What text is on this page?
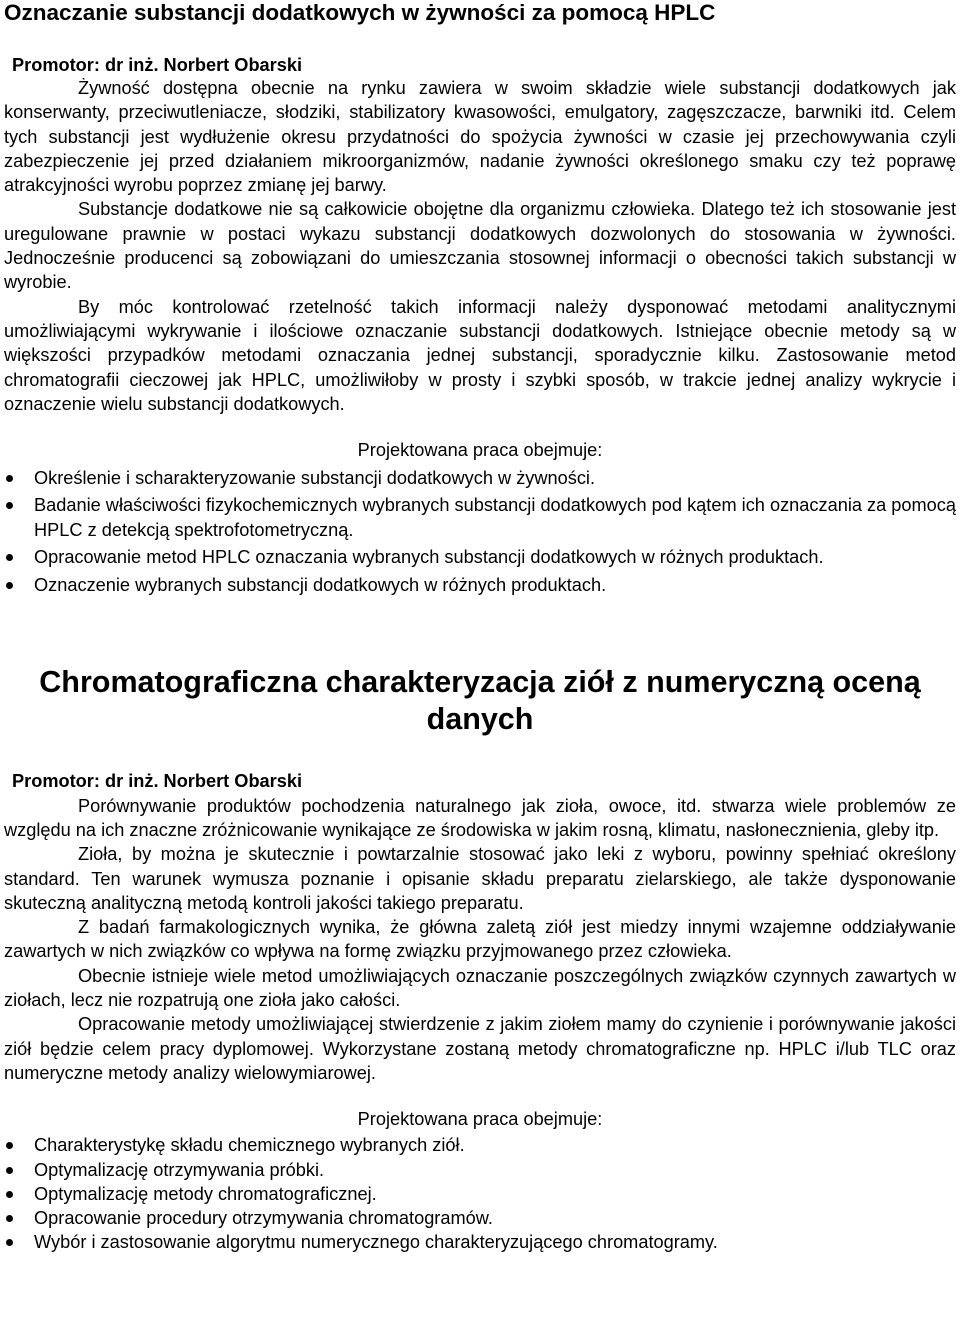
Oznaczanie substancji dodatkowych w żywności za pomocą HPLC
Promotor: dr inż. Norbert Obarski

Żywność dostępna obecnie na rynku zawiera w swoim składzie wiele substancji dodatkowych jak konserwanty, przeciwutleniacze, słodziki, stabilizatory kwasowości, emulgatory, zagęszczacze, barwniki itd. Celem tych substancji jest wydłużenie okresu przydatności do spożycia żywności w czasie jej przechowywania czyli zabezpieczenie jej przed działaniem mikroorganizmów, nadanie żywności określonego smaku czy też poprawę atrakcyjności wyrobu poprzez zmianę jej barwy.

Substancje dodatkowe nie są całkowicie obojętne dla organizmu człowieka. Dlatego też ich stosowanie jest uregulowane prawnie w postaci wykazu substancji dodatkowych dozwolonych do stosowania w żywności. Jednocześnie producenci są zobowiązani do umieszczania stosownej informacji o obecności takich substancji w wyrobie.

By móc kontrolować rzetelność takich informacji należy dysponować metodami analitycznymi umożliwiającymi wykrywanie i ilościowe oznaczanie substancji dodatkowych. Istniejące obecnie metody są w większości przypadków metodami oznaczania jednej substancji, sporadycznie kilku. Zastosowanie metod chromatografii cieczowej jak HPLC, umożliwiłoby w prosty i szybki sposób, w trakcie jednej analizy wykrycie i oznaczenie wielu substancji dodatkowych.

Projektowana praca obejmuje:

Określenie i scharakteryzowanie substancji dodatkowych w żywności.
Badanie właściwości fizykochemicznych wybranych substancji dodatkowych pod kątem ich oznaczania za pomocą HPLC z detekcją spektrofotometryczną.
Opracowanie metod HPLC oznaczania wybranych substancji dodatkowych w różnych produktach.
Oznaczenie wybranych substancji dodatkowych w różnych produktach.
Chromatograficzna charakteryzacja ziół z numeryczną oceną
danych
Promotor: dr inż. Norbert Obarski

Porównywanie produktów pochodzenia naturalnego jak zioła, owoce, itd. stwarza wiele problemów ze względu na ich znaczne zróżnicowanie wynikające ze środowiska w jakim rosną, klimatu, nasłonecznienia, gleby itp.

Zioła, by można je skutecznie i powtarzalnie stosować jako leki z wyboru, powinny spełniać określony standard. Ten warunek wymusza poznanie i opisanie składu preparatu zielarskiego, ale także dysponowanie skuteczną analityczną metodą kontroli jakości takiego preparatu.

Z badań farmakologicznych wynika, że główna zaletą ziół jest miedzy innymi wzajemne oddziaływanie zawartych w nich związków co wpływa na formę związku przyjmowanego przez człowieka.

Obecnie istnieje wiele metod umożliwiających oznaczanie poszczególnych związków czynnych zawartych w ziołach, lecz nie rozpatrują one zioła jako całości.

Opracowanie metody umożliwiającej stwierdzenie z jakim ziołem mamy do czynienie i porównywanie jakości ziół będzie celem pracy dyplomowej. Wykorzystane zostaną metody chromatograficzne np. HPLC i/lub TLC oraz numeryczne metody analizy wielowymiarowej.

Projektowana praca obejmuje:

Charakterystykę składu chemicznego wybranych ziół.
Optymalizację otrzymywania próbki.
Optymalizację metody chromatograficznej.
Opracowanie procedury otrzymywania chromatogramów.
Wybór i zastosowanie algorytmu numerycznego charakteryzującego chromatogramy.
